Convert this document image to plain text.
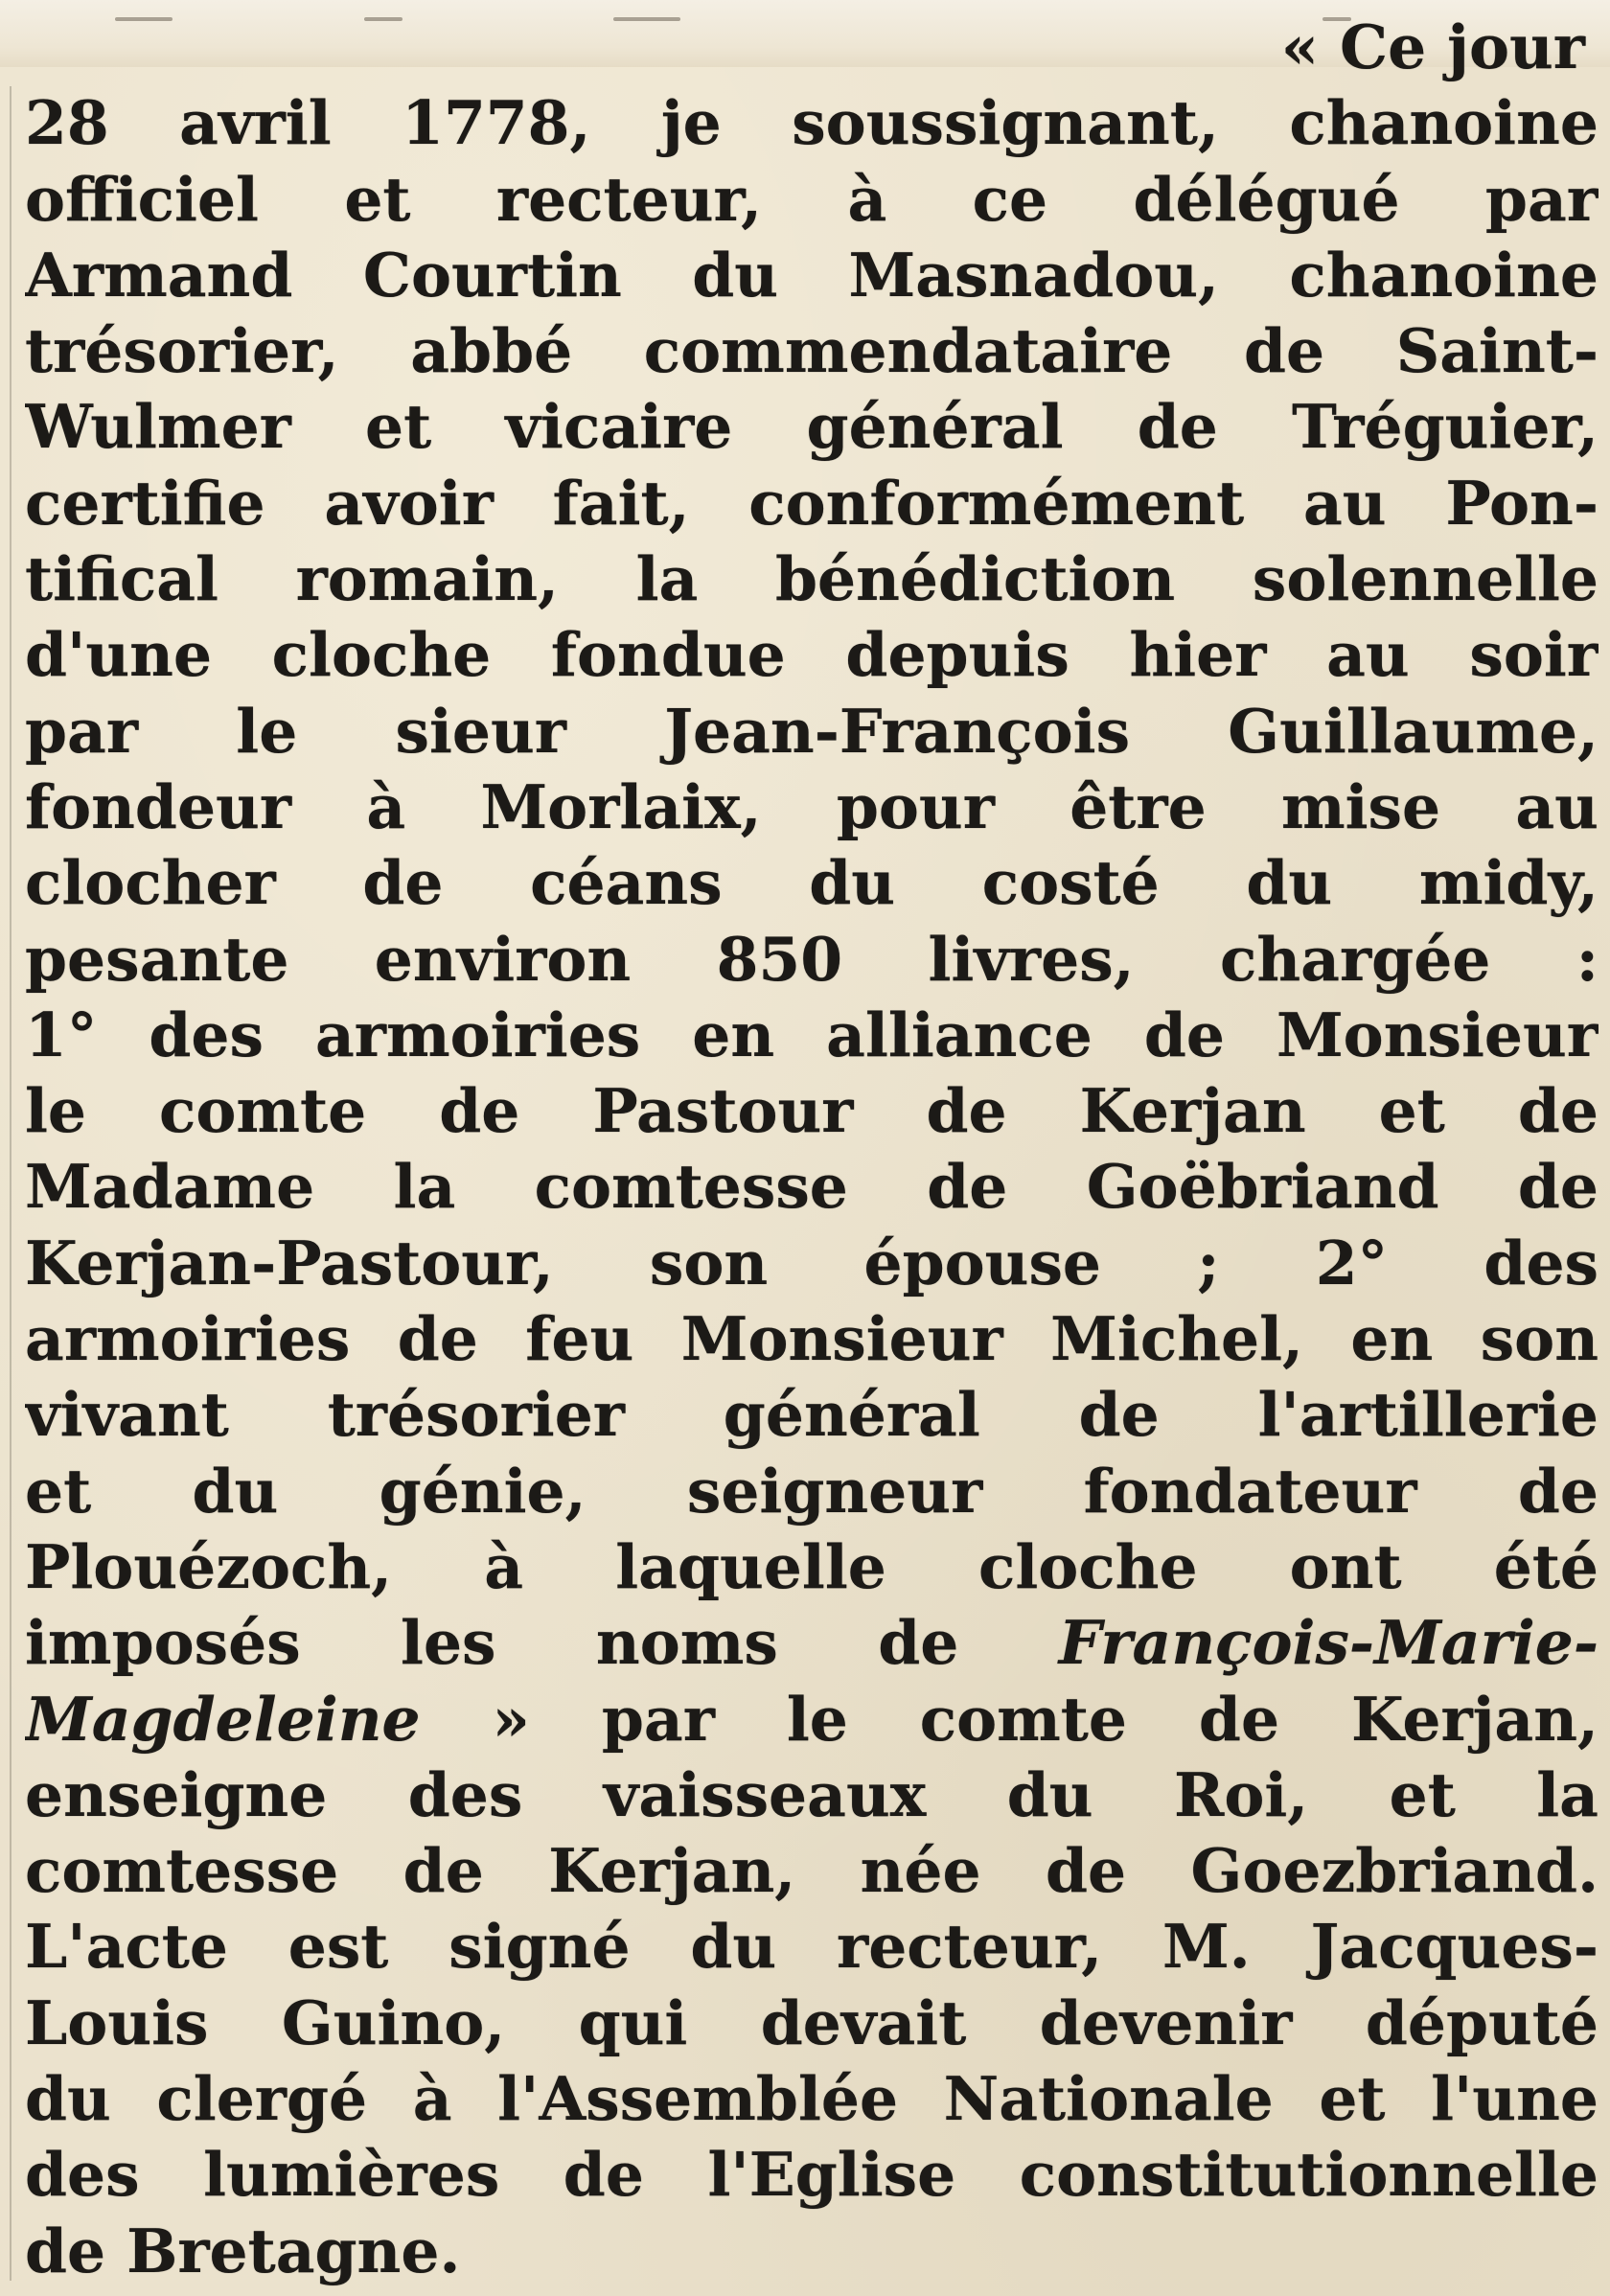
« Ce jour
28 avril 1778, je soussignant, chanoine
officiel et recteur, à ce délégué par
Armand Courtin du Masnadou, chanoine
trésorier, abbé commendataire de Saint-
Wulmer et vicaire général de Tréguier,
certifie avoir fait, conformément au Pon-
tifical romain, la bénédiction solennelle
d'une cloche fondue depuis hier au soir
par le sieur Jean-François Guillaume,
fondeur à Morlaix, pour être mise au
clocher de céans du costé du midy,
pesante environ 850 livres, chargée :
1° des armoiries en alliance de Monsieur
le comte de Pastour de Kerjan et de
Madame la comtesse de Goëbriand de
Kerjan-Pastour, son épouse ; 2° des
armoiries de feu Monsieur Michel, en son
vivant trésorier général de l'artillerie
et du génie, seigneur fondateur de
Plouézoch, à laquelle cloche ont été
imposés les noms de François-Marie-
Magdeleine » par le comte de Kerjan,
enseigne des vaisseaux du Roi, et la
comtesse de Kerjan, née de Goezbriand.
L'acte est signé du recteur, M. Jacques-
Louis Guino, qui devait devenir député
du clergé à l'Assemblée Nationale et l'une
des lumières de l'Eglise constitutionnelle
de Bretagne.
